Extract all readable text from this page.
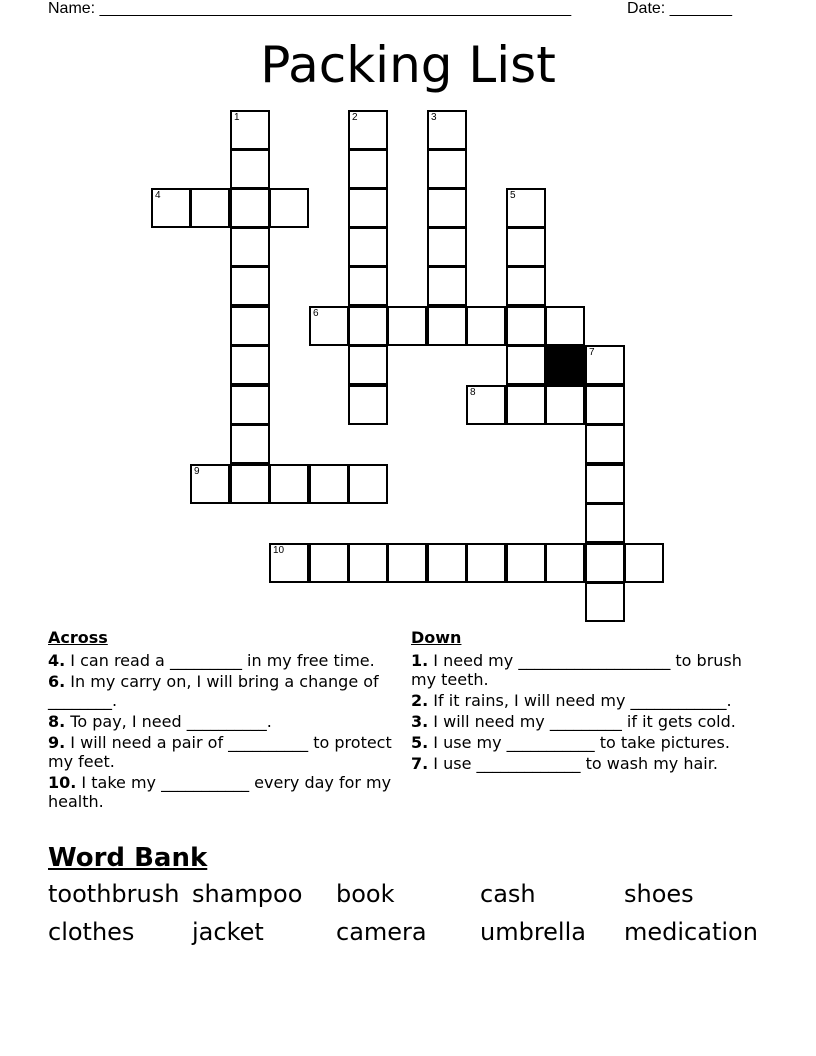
Name: _____________________________________________________	Date: _______
Packing List
1
4
2	3
5
6
7
8
9
10
Across
4. I can read a _________ in my free time.
6. In my carry on, I will bring a change of ________.
8. To pay, I need __________.
9. I will need a pair of __________ to protect my feet.
10. I take my ___________ every day for my health.
Down
1. I need my ___________________ to brush my teeth.
2. If it rains, I will need my ____________.
3. I will need my _________ if it gets cold.
5. I use my ___________ to take pictures.
7. I use _____________ to wash my hair.
Word Bank
toothbrush shampoo	book	cash	shoes
clothes	jacket	camera	umbrella	medication
